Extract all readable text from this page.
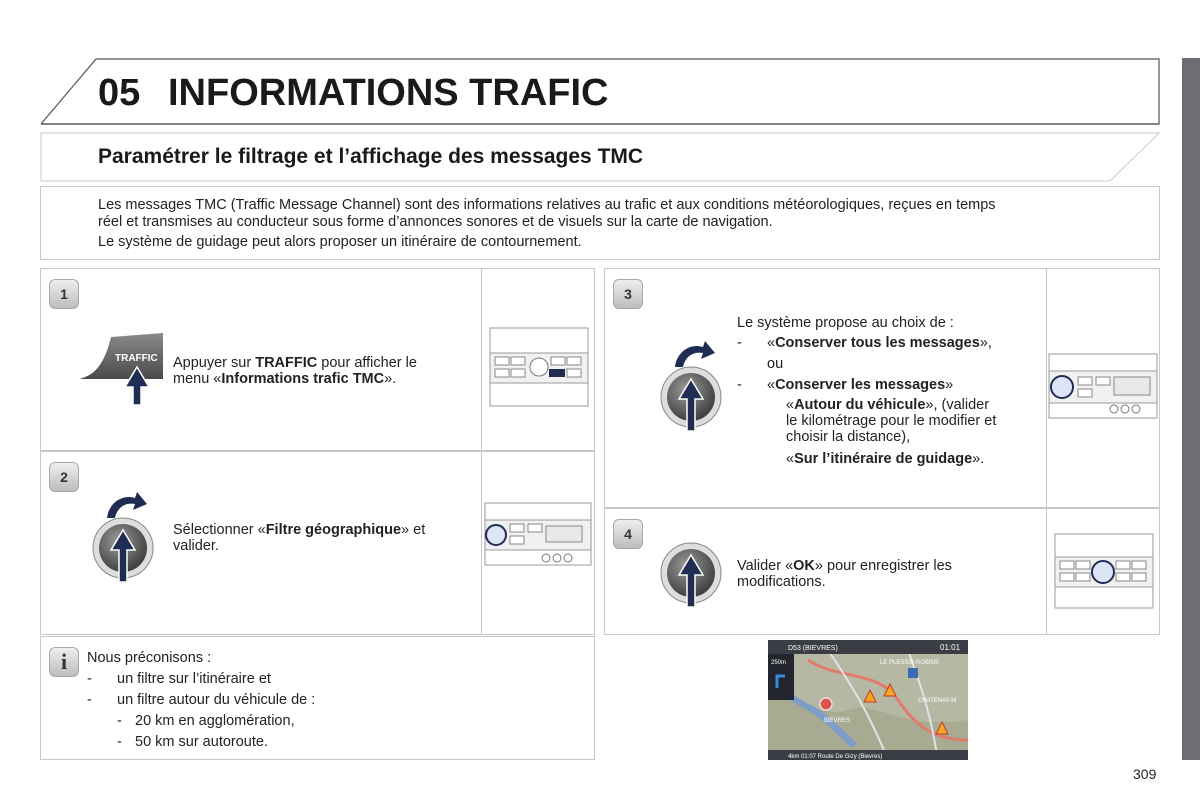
05 INFORMATIONS TRAFIC
Paramétrer le filtrage et l’affichage des messages TMC

Les messages TMC (Traffic Message Channel) sont des informations relatives au trafic et aux conditions météorologiques, reçues en temps

réel et transmises au conducteur sous forme d’annonces sonores et de visuels sur la carte de navigation.

Le système de guidage peut alors proposer un itinéraire de contournement.

1
TRAFFIC Appuyer sur TRAFFIC pour afficher le
menu «Informations trafic TMC».
2
Sélectionner «Filtre géographique» et
valider.
3
Le système propose au choix de :
- «Conserver tous les messages»,
ou
- «Conserver les messages»
«Autour du véhicule», (valider
le kilométrage pour le modifier et
choisir la distance),
«Sur l’itinéraire de guidage».
4
Valider «OK» pour enregistrer les
modifications.
i	Nous préconisons :
- un filtre sur l’itinéraire et
- un filtre autour du véhicule de :
- 20 km en agglomération,
- 50 km sur autoroute.
D53 (BIEVRES)	01:01
250m	LE PLESSIS-ROBINS
CHATENAY-M
BIEVRES
4km 01:07 Route De Gizy (Bievres)
309
